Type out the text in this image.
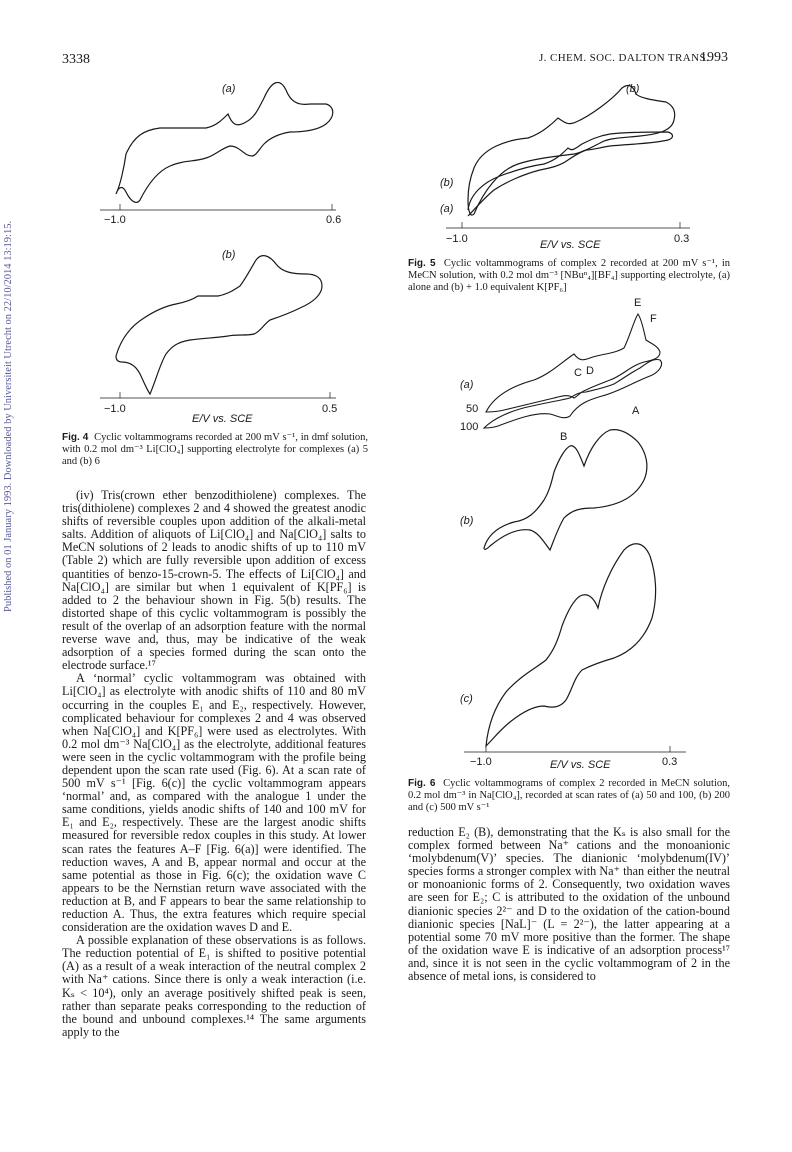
3338	J. CHEM. SOC. DALTON TRANS.
1993
Published on 01 January 1993. Downloaded by Universiteit Utrecht on 22/10/2014 13:19:15.
(a)
−1.0	0.6
(b)
−1.0	0.5
E/V vs. SCE
Fig. 4 Cyclic voltammograms recorded at 200 mV s⁻¹, in dmf solution, with 0.2 mol dm⁻³ Li[ClO₄] supporting electrolyte for complexes (a) 5 and (b) 6

(iv) Tris(crown ether benzodithiolene) complexes. The tris(dithiolene) complexes 2 and 4 showed the greatest anodic shifts of reversible couples upon addition of the alkali-metal salts. Addition of aliquots of Li[ClO₄] and Na[ClO₄] salts to MeCN solutions of 2 leads to anodic shifts of up to 110 mV (Table 2) which are fully reversible upon addition of excess quantities of benzo-15-crown-5. The effects of Li[ClO₄] and Na[ClO₄] are similar but when 1 equivalent of K[PF₆] is added to 2 the behaviour shown in Fig. 5(b) results. The distorted shape of this cyclic voltammogram is possibly the result of the overlap of an adsorption feature with the normal reverse wave and, thus, may be indicative of the weak adsorption of a species formed during the scan onto the electrode surface.¹⁷

A ‘normal’ cyclic voltammogram was obtained with Li[ClO₄] as electrolyte with anodic shifts of 110 and 80 mV occurring in the couples E₁ and E₂, respectively. However, complicated behaviour for complexes 2 and 4 was observed when Na[ClO₄] and K[PF₆] were used as electrolytes. With 0.2 mol dm⁻³ Na[ClO₄] as the electrolyte, additional features were seen in the cyclic voltammogram with the profile being dependent upon the scan rate used (Fig. 6). At a scan rate of 500 mV s⁻¹ [Fig. 6(c)] the cyclic voltammogram appears ‘normal’ and, as compared with the analogue 1 under the same conditions, yields anodic shifts of 140 and 100 mV for E₁ and E₂, respectively. These are the largest anodic shifts measured for reversible redox couples in this study. At lower scan rates the features A–F [Fig. 6(a)] were identified. The reduction waves, A and B, appear normal and occur at the same potential as those in Fig. 6(c); the oxidation wave C appears to be the Nernstian return wave associated with the reduction at B, and F appears to bear the same relationship to reduction A. Thus, the extra features which require special consideration are the oxidation waves D and E.

A possible explanation of these observations is as follows. The reduction potential of E₁ is shifted to positive potential (A) as a result of a weak interaction of the neutral complex 2 with Na⁺ cations. Since there is only a weak interaction (i.e. Kₛ < 10⁴), only an average positively shifted peak is seen, rather than separate peaks corresponding to the reduction of the bound and unbound complexes.¹⁴ The same arguments apply to the

(b)
(b)
(a)
−1.0	0.3
E/V vs. SCE
Fig. 5 Cyclic voltammograms of complex 2 recorded at 200 mV s⁻¹, in MeCN solution, with 0.2 mol dm⁻³ [NBuⁿ₄][BF₄] supporting electrolyte, (a) alone and (b) + 1.0 equivalent K[PF₆]
E
F
C D
A
B
(a)
50
100
(b)
(c)
−1.0	0.3
E/V vs. SCE
Fig. 6 Cyclic voltammograms of complex 2 recorded in MeCN solution, 0.2 mol dm⁻³ in Na[ClO₄], recorded at scan rates of (a) 50 and 100, (b) 200 and (c) 500 mV s⁻¹

reduction E₂ (B), demonstrating that the Kₛ is also small for the complex formed between Na⁺ cations and the monoanionic ‘molybdenum(V)’ species. The dianionic ‘molybdenum(IV)’ species forms a stronger complex with Na⁺ than either the neutral or monoanionic forms of 2. Consequently, two oxidation waves are seen for E₂; C is attributed to the oxidation of the unbound dianionic species 2²⁻ and D to the oxidation of the cation-bound dianionic species [NaL]⁻ (L = 2²⁻), the latter appearing at a potential some 70 mV more positive than the former. The shape of the oxidation wave E is indicative of an adsorption process¹⁷ and, since it is not seen in the cyclic voltammogram of 2 in the absence of metal ions, is considered to
